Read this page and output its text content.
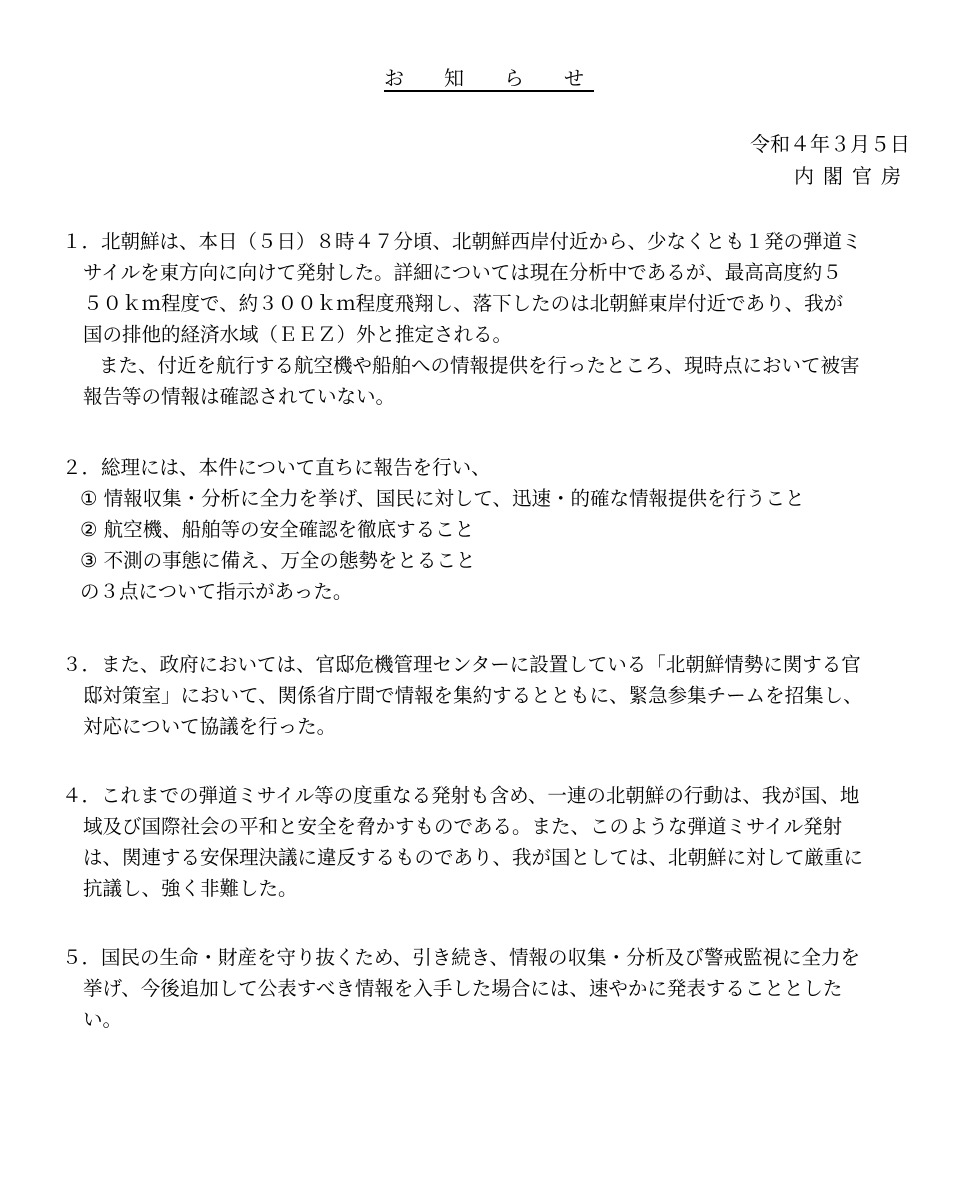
お　知　ら　せ
令和４年３月５日
内閣官房
１．北朝鮮は、本日（５日）８時４７分頃、北朝鮮西岸付近から、少なくとも１発の弾道ミ
サイルを東方向に向けて発射した。詳細については現在分析中であるが、最高高度約５
５０ｋｍ程度で、約３００ｋｍ程度飛翔し、落下したのは北朝鮮東岸付近であり、我が
国の排他的経済水域（ＥＥＺ）外と推定される。
また、付近を航行する航空機や船舶への情報提供を行ったところ、現時点において被害
報告等の情報は確認されていない。
２．総理には、本件について直ちに報告を行い、
① 情報収集・分析に全力を挙げ、国民に対して、迅速・的確な情報提供を行うこと
② 航空機、船舶等の安全確認を徹底すること
③ 不測の事態に備え、万全の態勢をとること
の３点について指示があった。
３．また、政府においては、官邸危機管理センターに設置している「北朝鮮情勢に関する官
邸対策室」において、関係省庁間で情報を集約するとともに、緊急参集チームを招集し、
対応について協議を行った。
４．これまでの弾道ミサイル等の度重なる発射も含め、一連の北朝鮮の行動は、我が国、地
域及び国際社会の平和と安全を脅かすものである。また、このような弾道ミサイル発射
は、関連する安保理決議に違反するものであり、我が国としては、北朝鮮に対して厳重に
抗議し、強く非難した。
５．国民の生命・財産を守り抜くため、引き続き、情報の収集・分析及び警戒監視に全力を
挙げ、今後追加して公表すべき情報を入手した場合には、速やかに発表することとした
い。
